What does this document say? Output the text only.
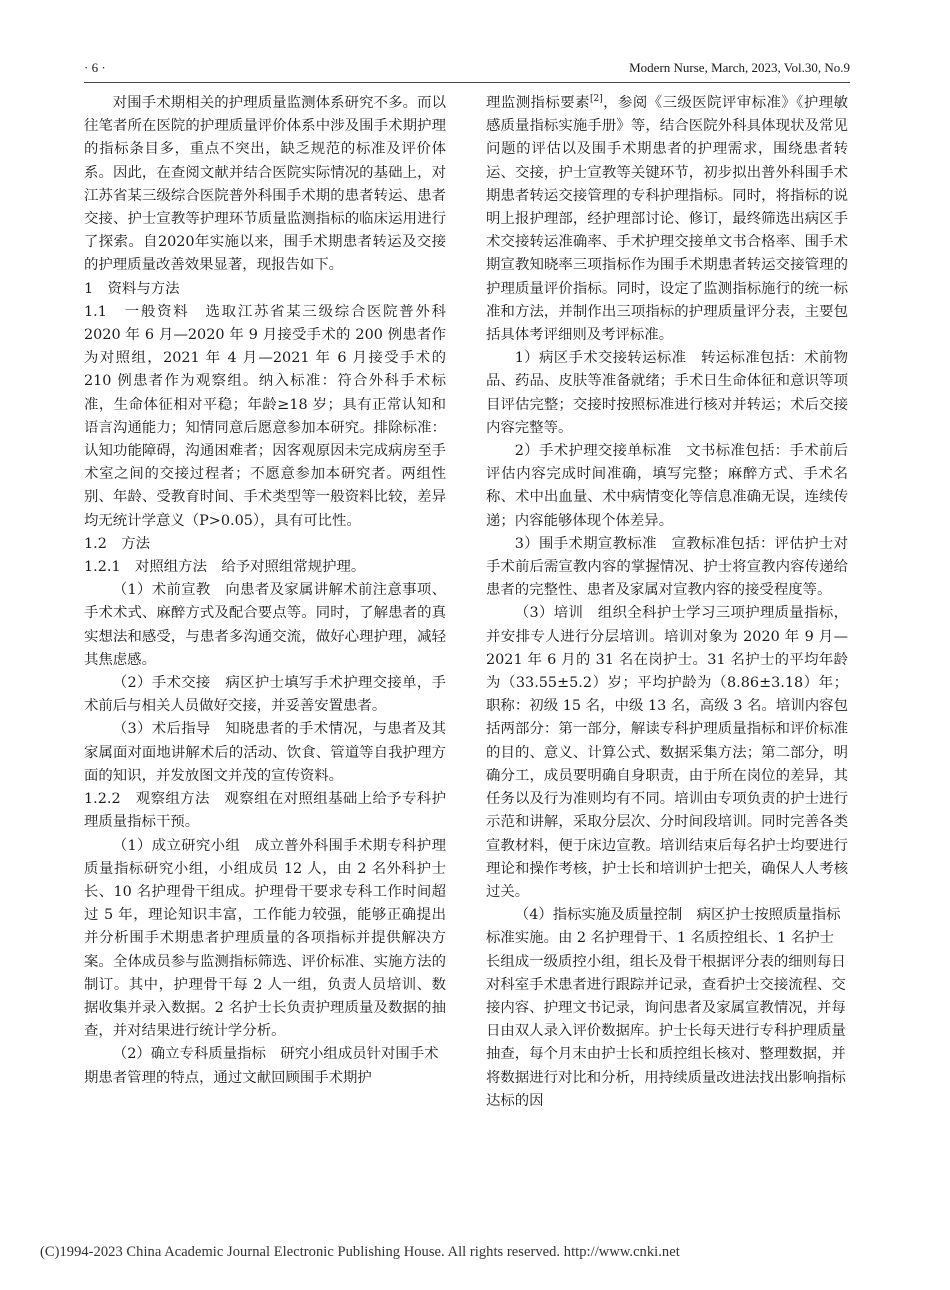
· 6 ·	Modern Nurse, March, 2023, Vol.30, No.9

对围手术期相关的护理质量监测体系研究不多。而以往笔者所在医院的护理质量评价体系中涉及围手术期护理的指标条目多，重点不突出，缺乏规范的标准及评价体系。因此，在查阅文献并结合医院实际情况的基础上，对江苏省某三级综合医院普外科围手术期的患者转运、患者交接、护士宣教等护理环节质量监测指标的临床运用进行了探索。自2020年实施以来，围手术期患者转运及交接的护理质量改善效果显著，现报告如下。

1　资料与方法

1.1　一般资料　选取江苏省某三级综合医院普外科 2020 年 6 月—2020 年 9 月接受手术的 200 例患者作为对照组，2021 年 4 月—2021 年 6 月接受手术的 210 例患者作为观察组。纳入标准：符合外科手术标准，生命体征相对平稳；年龄≥18 岁；具有正常认知和语言沟通能力；知情同意后愿意参加本研究。排除标准：认知功能障碍，沟通困难者；因客观原因未完成病房至手术室之间的交接过程者；不愿意参加本研究者。两组性别、年龄、受教育时间、手术类型等一般资料比较，差异均无统计学意义（P>0.05），具有可比性。

1.2　方法

1.2.1　对照组方法　给予对照组常规护理。

（1）术前宣教　向患者及家属讲解术前注意事项、手术术式、麻醉方式及配合要点等。同时，了解患者的真实想法和感受，与患者多沟通交流，做好心理护理，减轻其焦虑感。

（2）手术交接　病区护士填写手术护理交接单，手术前后与相关人员做好交接，并妥善安置患者。

（3）术后指导　知晓患者的手术情况，与患者及其家属面对面地讲解术后的活动、饮食、管道等自我护理方面的知识，并发放图文并茂的宣传资料。

1.2.2　观察组方法　观察组在对照组基础上给予专科护理质量指标干预。

（1）成立研究小组　成立普外科围手术期专科护理质量指标研究小组，小组成员 12 人，由 2 名外科护士长、10 名护理骨干组成。护理骨干要求专科工作时间超过 5 年，理论知识丰富，工作能力较强，能够正确提出并分析围手术期患者护理质量的各项指标并提供解决方案。全体成员参与监测指标筛选、评价标准、实施方法的制订。其中，护理骨干每 2 人一组，负责人员培训、数据收集并录入数据。2 名护士长负责护理质量及数据的抽查，并对结果进行统计学分析。

（2）确立专科质量指标　研究小组成员针对围手术期患者管理的特点，通过文献回顾围手术期护

理监测指标要素[2]，参阅《三级医院评审标准》《护理敏感质量指标实施手册》等，结合医院外科具体现状及常见问题的评估以及围手术期患者的护理需求，围绕患者转运、交接，护士宣教等关键环节，初步拟出普外科围手术期患者转运交接管理的专科护理指标。同时，将指标的说明上报护理部，经护理部讨论、修订，最终筛选出病区手术交接转运准确率、手术护理交接单文书合格率、围手术期宣教知晓率三项指标作为围手术期患者转运交接管理的护理质量评价指标。同时，设定了监测指标施行的统一标准和方法，并制作出三项指标的护理质量评分表，主要包括具体考评细则及考评标准。

1）病区手术交接转运标准　转运标准包括：术前物品、药品、皮肤等准备就绪；手术日生命体征和意识等项目评估完整；交接时按照标准进行核对并转运；术后交接内容完整等。

2）手术护理交接单标准　文书标准包括：手术前后评估内容完成时间准确，填写完整；麻醉方式、手术名称、术中出血量、术中病情变化等信息准确无误，连续传递；内容能够体现个体差异。

3）围手术期宣教标准　宣教标准包括：评估护士对手术前后需宣教内容的掌握情况、护士将宣教内容传递给患者的完整性、患者及家属对宣教内容的接受程度等。

（3）培训　组织全科护士学习三项护理质量指标，并安排专人进行分层培训。培训对象为 2020 年 9 月—2021 年 6 月的 31 名在岗护士。31 名护士的平均年龄为（33.55±5.2）岁；平均护龄为（8.86±3.18）年；职称：初级 15 名，中级 13 名，高级 3 名。培训内容包括两部分：第一部分，解读专科护理质量指标和评价标准的目的、意义、计算公式、数据采集方法；第二部分，明确分工，成员要明确自身职责，由于所在岗位的差异，其任务以及行为准则均有不同。培训由专项负责的护士进行示范和讲解，采取分层次、分时间段培训。同时完善各类宣教材料，便于床边宣教。培训结束后每名护士均要进行理论和操作考核，护士长和培训护士把关，确保人人考核过关。

（4）指标实施及质量控制　病区护士按照质量指标标准实施。由 2 名护理骨干、1 名质控组长、1 名护士长组成一级质控小组，组长及骨干根据评分表的细则每日对科室手术患者进行跟踪并记录，查看护士交接流程、交接内容、护理文书记录，询问患者及家属宣教情况，并每日由双人录入评价数据库。护士长每天进行专科护理质量抽查，每个月末由护士长和质控组长核对、整理数据，并将数据进行对比和分析，用持续质量改进法找出影响指标达标的因

(C)1994-2023 China Academic Journal Electronic Publishing House. All rights reserved. http://www.cnki.net
